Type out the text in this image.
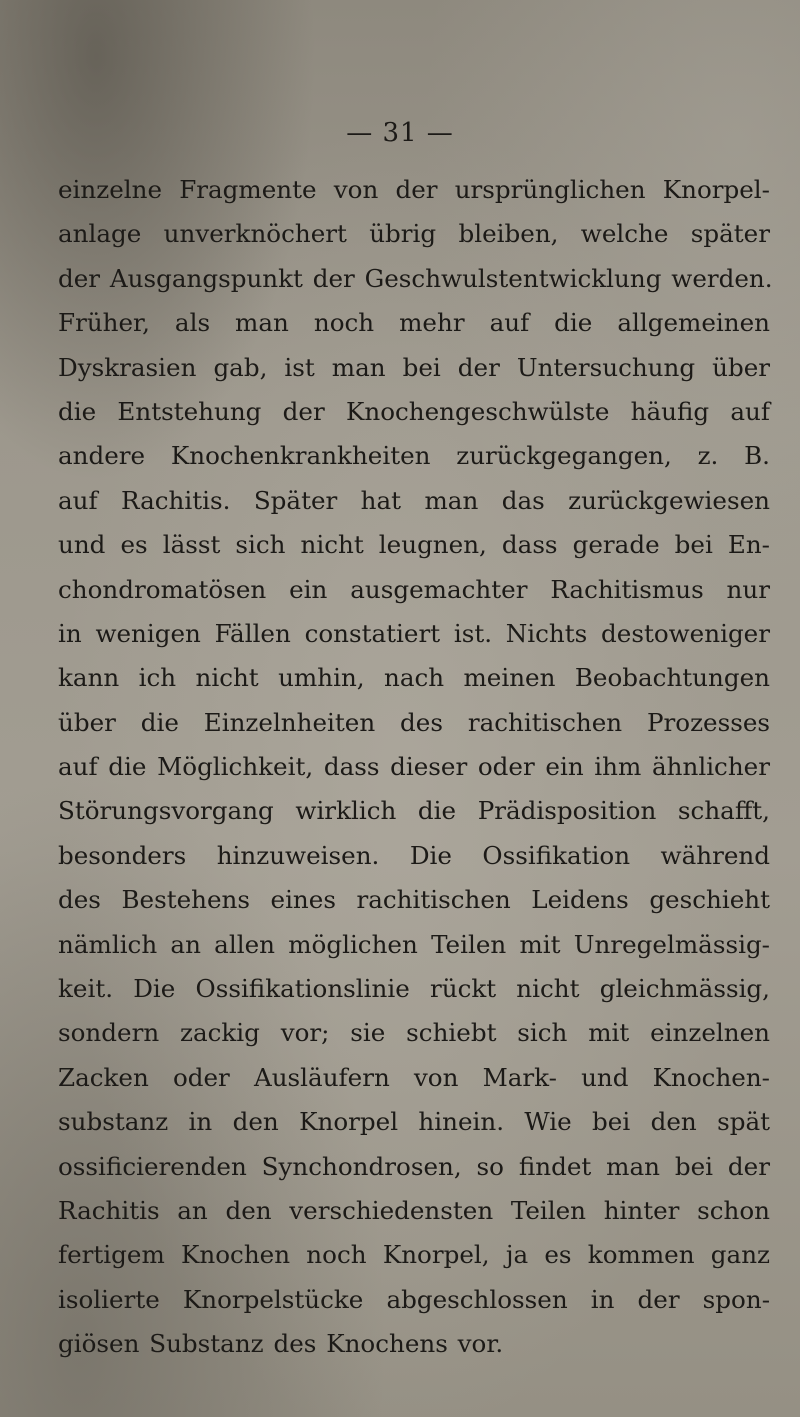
— 31 —
einzelne Fragmente von der ursprünglichen Knorpel-
anlage unverknöchert übrig bleiben, welche später
der Ausgangspunkt der Geschwulstentwicklung werden.
Früher, als man noch mehr auf die allgemeinen
Dyskrasien gab, ist man bei der Untersuchung über
die Entstehung der Knochengeschwülste häufig auf
andere Knochenkrankheiten zurückgegangen, z. B.
auf Rachitis. Später hat man das zurückgewiesen
und es lässt sich nicht leugnen, dass gerade bei En-
chondromatösen ein ausgemachter Rachitismus nur
in wenigen Fällen constatiert ist. Nichts destoweniger
kann ich nicht umhin, nach meinen Beobachtungen
über die Einzelnheiten des rachitischen Prozesses
auf die Möglichkeit, dass dieser oder ein ihm ähnlicher
Störungsvorgang wirklich die Prädisposition schafft,
besonders hinzuweisen. Die Ossifikation während
des Bestehens eines rachitischen Leidens geschieht
nämlich an allen möglichen Teilen mit Unregelmässig-
keit. Die Ossifikationslinie rückt nicht gleichmässig,
sondern zackig vor; sie schiebt sich mit einzelnen
Zacken oder Ausläufern von Mark- und Knochen-
substanz in den Knorpel hinein. Wie bei den spät
ossificierenden Synchondrosen, so findet man bei der
Rachitis an den verschiedensten Teilen hinter schon
fertigem Knochen noch Knorpel, ja es kommen ganz
isolierte Knorpelstücke abgeschlossen in der spon-
giösen Substanz des Knochens vor.
